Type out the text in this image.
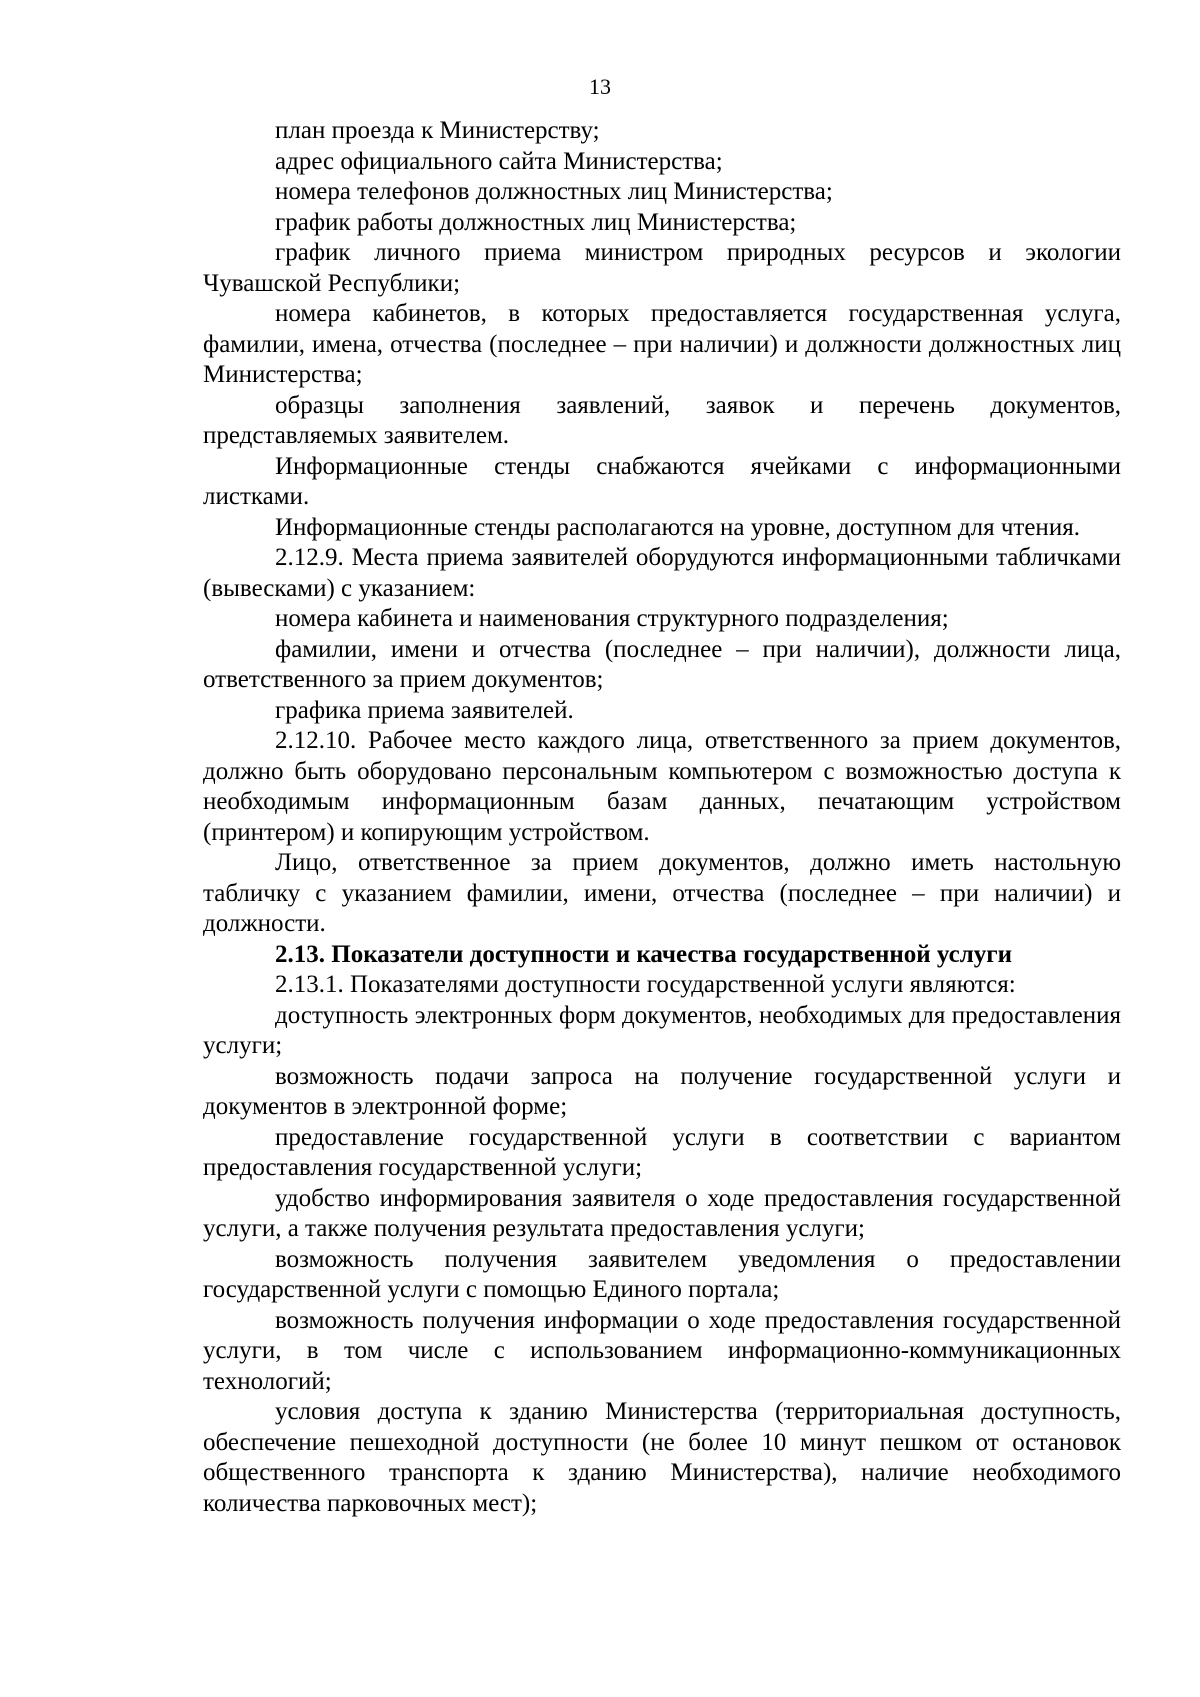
13

план проезда к Министерству;

адрес официального сайта Министерства;

номера телефонов должностных лиц Министерства;

график работы должностных лиц Министерства;

график личного приема министром природных ресурсов и экологии Чувашской Республики;

номера кабинетов, в которых предоставляется государственная услуга, фамилии, имена, отчества (последнее – при наличии) и должности должностных лиц Министерства;

образцы заполнения заявлений, заявок и перечень документов, представляемых заявителем.

Информационные стенды снабжаются ячейками с информационными листками.

Информационные стенды располагаются на уровне, доступном для чтения.

2.12.9. Места приема заявителей оборудуются информационными табличками (вывесками) с указанием:

номера кабинета и наименования структурного подразделения;

фамилии, имени и отчества (последнее – при наличии), должности лица, ответственного за прием документов;

графика приема заявителей.

2.12.10. Рабочее место каждого лица, ответственного за прием документов, должно быть оборудовано персональным компьютером с возможностью доступа к необходимым информационным базам данных, печатающим устройством (принтером) и копирующим устройством.

Лицо, ответственное за прием документов, должно иметь настольную табличку с указанием фамилии, имени, отчества (последнее – при наличии) и должности.

2.13. Показатели доступности и качества государственной услуги

2.13.1. Показателями доступности государственной услуги являются:

доступность электронных форм документов, необходимых для предоставления услуги;

возможность подачи запроса на получение государственной услуги и документов в электронной форме;

предоставление государственной услуги в соответствии с вариантом предоставления государственной услуги;

удобство информирования заявителя о ходе предоставления государственной услуги, а также получения результата предоставления услуги;

возможность получения заявителем уведомления о предоставлении государственной услуги с помощью Единого портала;

возможность получения информации о ходе предоставления государственной услуги, в том числе с использованием информационно-коммуникационных технологий;

условия доступа к зданию Министерства (территориальная доступность, обеспечение пешеходной доступности (не более 10 минут пешком от остановок общественного транспорта к зданию Министерства), наличие необходимого количества парковочных мест);
